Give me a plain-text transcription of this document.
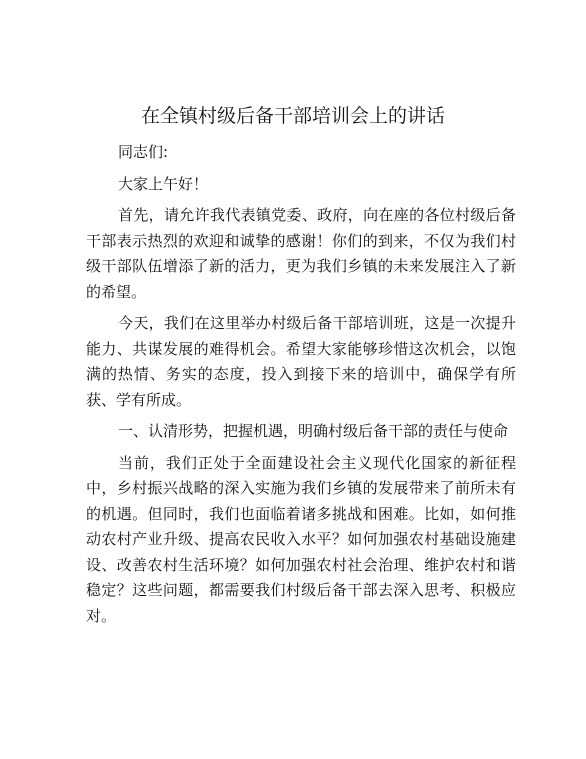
在全镇村级后备干部培训会上的讲话

同志们:

大家上午好！

首先，请允许我代表镇党委、政府，向在座的各位村级后备干部表示热烈的欢迎和诚挚的感谢！你们的到来，不仅为我们村级干部队伍增添了新的活力，更为我们乡镇的未来发展注入了新的希望。

今天，我们在这里举办村级后备干部培训班，这是一次提升能力、共谋发展的难得机会。希望大家能够珍惜这次机会，以饱满的热情、务实的态度，投入到接下来的培训中，确保学有所获、学有所成。

一、认清形势，把握机遇，明确村级后备干部的责任与使命

当前，我们正处于全面建设社会主义现代化国家的新征程中，乡村振兴战略的深入实施为我们乡镇的发展带来了前所未有的机遇。但同时，我们也面临着诸多挑战和困难。比如，如何推动农村产业升级、提高农民收入水平？如何加强农村基础设施建设、改善农村生活环境？如何加强农村社会治理、维护农村和谐稳定？这些问题，都需要我们村级后备干部去深入思考、积极应对。
